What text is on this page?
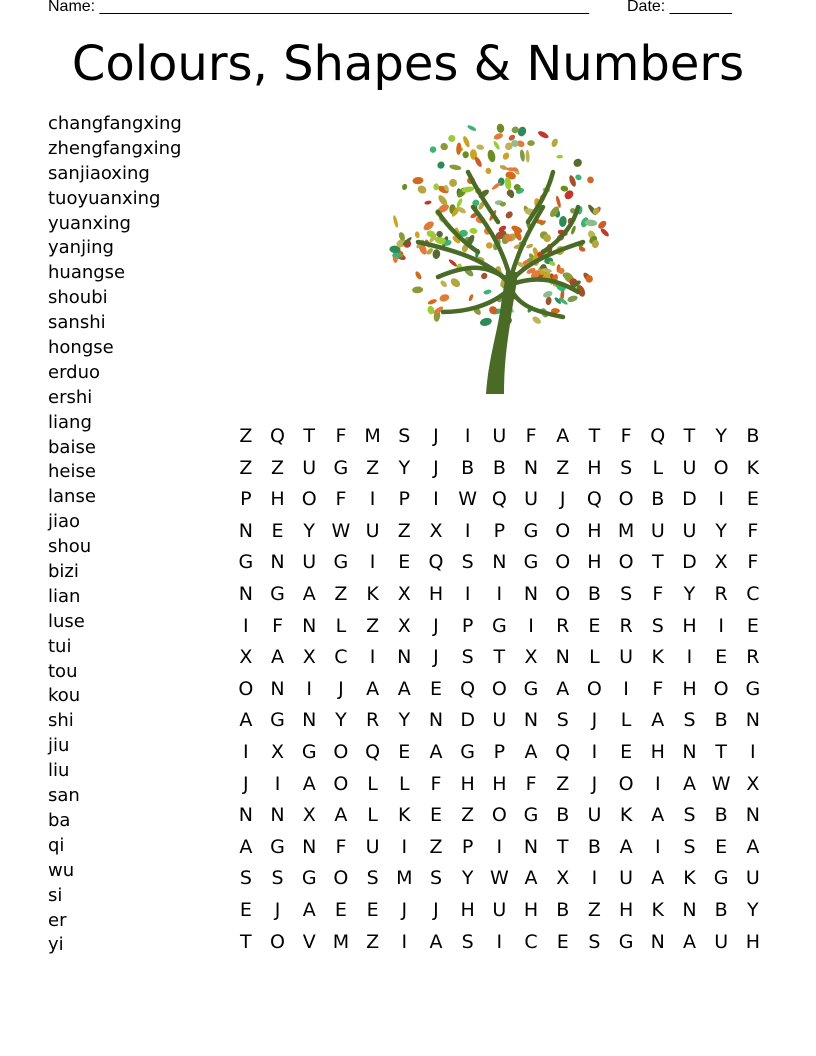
Name: _______________________________________________________ Date: _______
Colours, Shapes & Numbers
changfangxing
zhengfangxing
sanjiaoxing
tuoyuanxing
yuanxing
yanjing
huangse
shoubi
sanshi
hongse
erduo
ershi
liang
baise
heise
lanse
jiao
shou
bizi
lian
luse
tui
tou
kou
shi
jiu
liu
san
ba
qi
wu
si
er
yi
Z Q T	F M S	J	I	U	F	A	T	F Q T	Y	B
Z Z U G Z	Y	J	B B N Z H S	L	U O K
P H O F	I	P	I	W Q U	J	Q O B D	I	E
N E	Y W U Z X	I	P G O H M U U Y	F
G N U G	I	E Q S N G O H O T D X	F
N G A Z K X H	I	I	N O B	S	F	Y	R C
I	F	N	L	Z X	J	P G	I	R	E	R	S H	I	E
X A X C	I	N	J	S	T	X N	L	U K	I	E	R
O N	I	J	A A	E Q O G A O	I	F	H O G
A G N Y	R	Y N D U N S	J	L	A	S	B N
I	X G O Q E	A G P	A Q	I	E H N T	I
J	I	A O L	L	F	H H	F	Z	J	O	I	A W X
N N X A	L	K	E	Z O G B U K A	S	B N
A G N	F	U	I	Z	P	I	N T	B A	I	S	E	A
S	S G O S M S	Y W A X	I	U A K G U
E	J	A	E	E	J	J	H U H B Z H K N B	Y
T O V M Z	I	A	S	I	C	E	S G N A U H
